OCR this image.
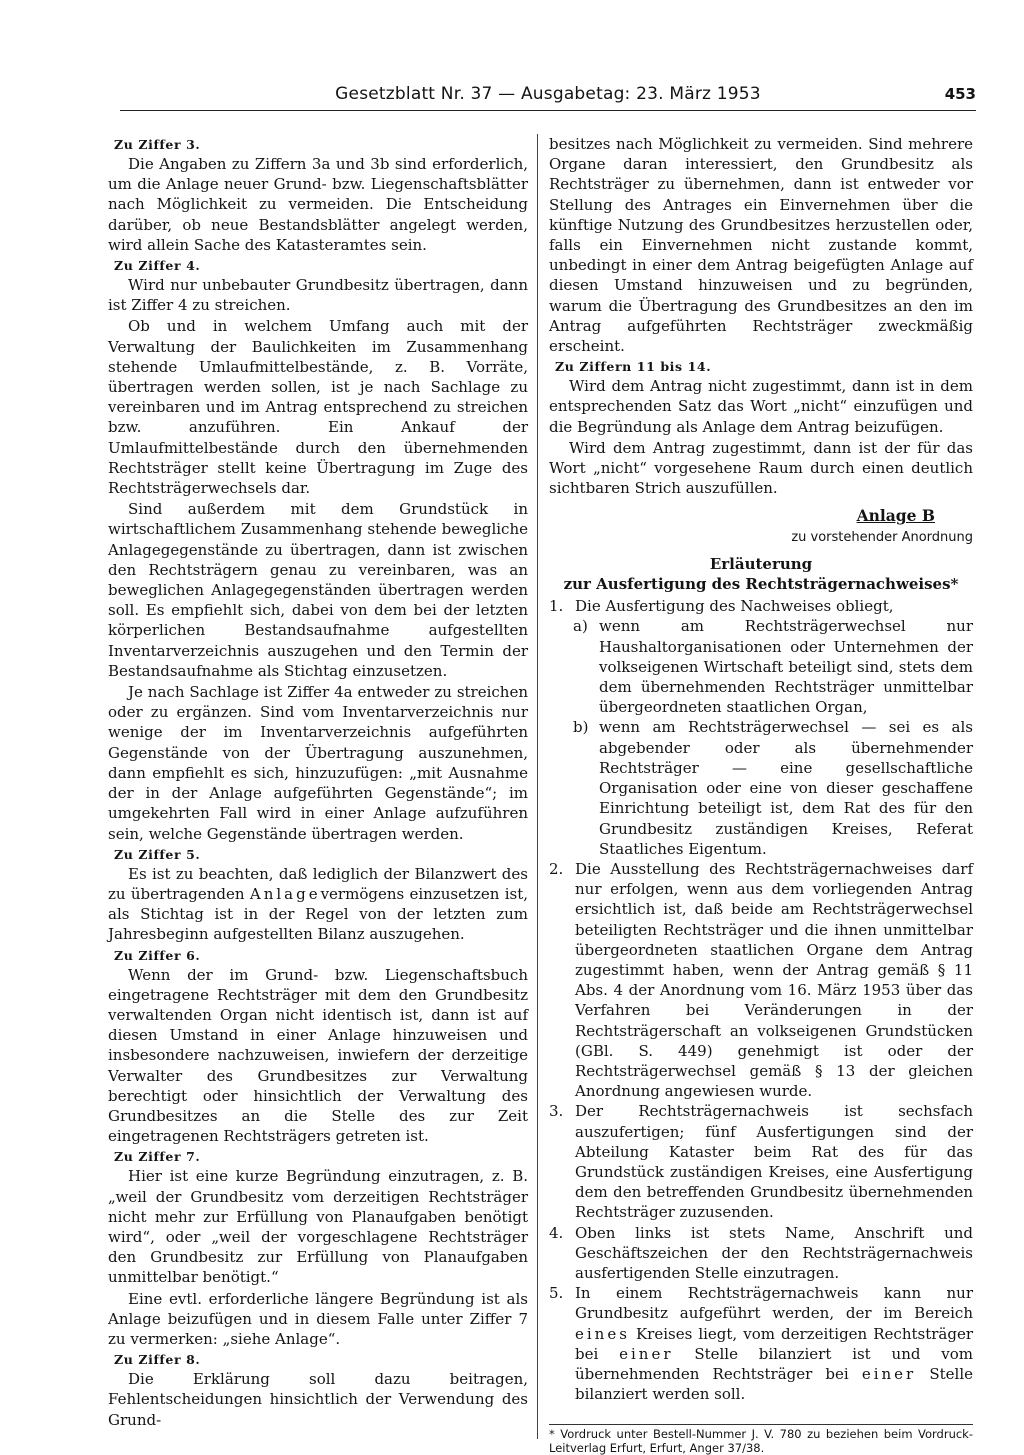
Gesetzblatt Nr. 37 — Ausgabetag: 23. März 1953	453
Zu Ziffer 3.

Die Angaben zu Ziffern 3a und 3b sind erforderlich, um die Anlage neuer Grund- bzw. Liegenschaftsblätter nach Möglichkeit zu vermeiden. Die Entscheidung darüber, ob neue Bestandsblätter angelegt werden, wird allein Sache des Katasteramtes sein.

Zu Ziffer 4.

Wird nur unbebauter Grundbesitz übertragen, dann ist Ziffer 4 zu streichen.

Ob und in welchem Umfang auch mit der Verwaltung der Baulichkeiten im Zusammenhang stehende Umlaufmittelbestände, z. B. Vorräte, übertragen werden sollen, ist je nach Sachlage zu vereinbaren und im Antrag entsprechend zu streichen bzw. anzuführen. Ein Ankauf der Umlaufmittelbestände durch den übernehmenden Rechtsträger stellt keine Übertragung im Zuge des Rechtsträgerwechsels dar.

Sind außerdem mit dem Grundstück in wirtschaftlichem Zusammenhang stehende bewegliche Anlagegegenstände zu übertragen, dann ist zwischen den Rechtsträgern genau zu vereinbaren, was an beweglichen Anlagegegenständen übertragen werden soll. Es empfiehlt sich, dabei von dem bei der letzten körperlichen Bestandsaufnahme aufgestellten Inventarverzeichnis auszugehen und den Termin der Bestandsaufnahme als Stichtag einzusetzen.

Je nach Sachlage ist Ziffer 4a entweder zu streichen oder zu ergänzen. Sind vom Inventarverzeichnis nur wenige der im Inventarverzeichnis aufgeführten Gegenstände von der Übertragung auszunehmen, dann empfiehlt es sich, hinzuzufügen: „mit Ausnahme der in der Anlage aufgeführten Gegenstände“; im umgekehrten Fall wird in einer Anlage aufzuführen sein, welche Gegenstände übertragen werden.

Zu Ziffer 5.

Es ist zu beachten, daß lediglich der Bilanzwert des zu übertragenden Anlagevermögens einzusetzen ist, als Stichtag ist in der Regel von der letzten zum Jahresbeginn aufgestellten Bilanz auszugehen.

Zu Ziffer 6.

Wenn der im Grund- bzw. Liegenschaftsbuch eingetragene Rechtsträger mit dem den Grundbesitz verwaltenden Organ nicht identisch ist, dann ist auf diesen Umstand in einer Anlage hinzuweisen und insbesondere nachzuweisen, inwiefern der derzeitige Verwalter des Grundbesitzes zur Verwaltung berechtigt oder hinsichtlich der Verwaltung des Grundbesitzes an die Stelle des zur Zeit eingetragenen Rechtsträgers getreten ist.

Zu Ziffer 7.

Hier ist eine kurze Begründung einzutragen, z. B. „weil der Grundbesitz vom derzeitigen Rechtsträger nicht mehr zur Erfüllung von Planaufgaben benötigt wird“, oder „weil der vorgeschlagene Rechtsträger den Grundbesitz zur Erfüllung von Planaufgaben unmittelbar benötigt.“

Eine evtl. erforderliche längere Begründung ist als Anlage beizufügen und in diesem Falle unter Ziffer 7 zu vermerken: „siehe Anlage“.

Zu Ziffer 8.

Die Erklärung soll dazu beitragen, Fehlentscheidungen hinsichtlich der Verwendung des Grund-

besitzes nach Möglichkeit zu vermeiden. Sind mehrere Organe daran interessiert, den Grundbesitz als Rechtsträger zu übernehmen, dann ist entweder vor Stellung des Antrages ein Einvernehmen über die künftige Nutzung des Grundbesitzes herzustellen oder, falls ein Einvernehmen nicht zustande kommt, unbedingt in einer dem Antrag beigefügten Anlage auf diesen Umstand hinzuweisen und zu begründen, warum die Übertragung des Grundbesitzes an den im Antrag aufgeführten Rechtsträger zweckmäßig erscheint.

Zu Ziffern 11 bis 14.

Wird dem Antrag nicht zugestimmt, dann ist in dem entsprechenden Satz das Wort „nicht“ einzufügen und die Begründung als Anlage dem Antrag beizufügen.

Wird dem Antrag zugestimmt, dann ist der für das Wort „nicht“ vorgesehene Raum durch einen deutlich sichtbaren Strich auszufüllen.

Anlage B
zu vorstehender Anordnung
Erläuterung
zur Ausfertigung des Rechtsträgernachweises*
1. Die Ausfertigung des Nachweises obliegt,
a) wenn am Rechtsträgerwechsel nur Haushaltorganisationen oder Unternehmen der volkseigenen Wirtschaft beteiligt sind, stets dem dem übernehmenden Rechtsträger unmittelbar übergeordneten staatlichen Organ,
b) wenn am Rechtsträgerwechsel — sei es als abgebender oder als übernehmender Rechtsträger — eine gesellschaftliche Organisation oder eine von dieser geschaffene Einrichtung beteiligt ist, dem Rat des für den Grundbesitz zuständigen Kreises, Referat Staatliches Eigentum.
2. Die Ausstellung des Rechtsträgernachweises darf nur erfolgen, wenn aus dem vorliegenden Antrag ersichtlich ist, daß beide am Rechtsträgerwechsel beteiligten Rechtsträger und die ihnen unmittelbar übergeordneten staatlichen Organe dem Antrag zugestimmt haben, wenn der Antrag gemäß § 11 Abs. 4 der Anordnung vom 16. März 1953 über das Verfahren bei Veränderungen in der Rechtsträgerschaft an volkseigenen Grundstücken (GBl. S. 449) genehmigt ist oder der Rechtsträgerwechsel gemäß § 13 der gleichen Anordnung angewiesen wurde.
3. Der Rechtsträgernachweis ist sechsfach auszufertigen; fünf Ausfertigungen sind der Abteilung Kataster beim Rat des für das Grundstück zuständigen Kreises, eine Ausfertigung dem den betreffenden Grundbesitz übernehmenden Rechtsträger zuzusenden.
4. Oben links ist stets Name, Anschrift und Geschäftszeichen der den Rechtsträgernachweis ausfertigenden Stelle einzutragen.
5. In einem Rechtsträgernachweis kann nur Grundbesitz aufgeführt werden, der im Bereich eines Kreises liegt, vom derzeitigen Rechtsträger bei einer Stelle bilanziert ist und vom übernehmenden Rechtsträger bei einer Stelle bilanziert werden soll.
* Vordruck unter Bestell-Nummer J. V. 780 zu beziehen beim Vordruck-Leitverlag Erfurt, Erfurt, Anger 37/38.
